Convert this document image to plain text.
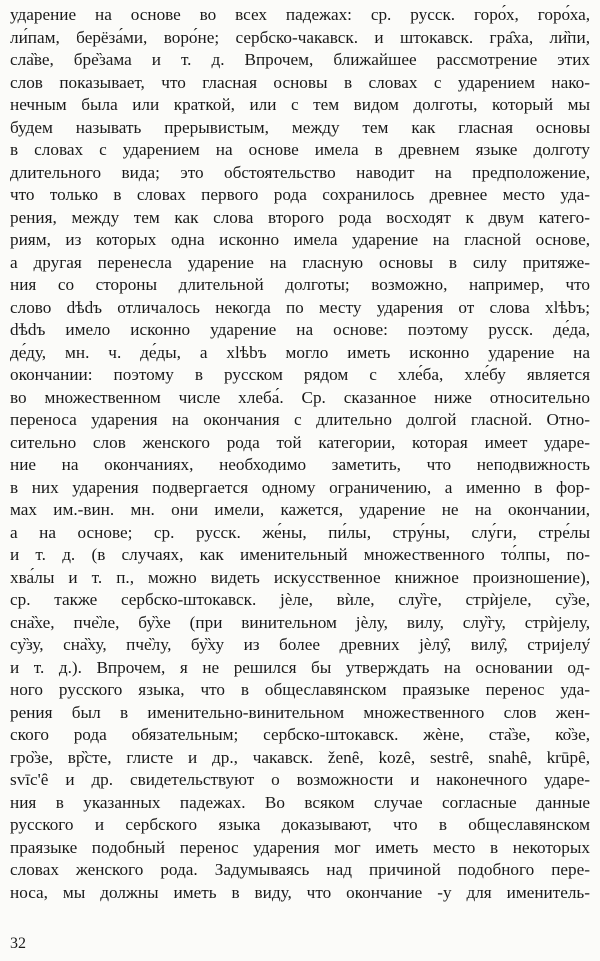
ударение на основе во всех падежах: ср. русск. горо́х, горо́ха,
ли́пам, берёза́ми, воро́не; сербско-чакавск. и штокавск. гра̑ха, ли̏пи,
сла̏ве, бре̏зама и т. д. Впрочем, ближайшее рассмотрение этих
слов показывает, что гласная основы в словах с ударением нако-
нечным была или краткой, или с тем видом долготы, который мы
будем называть прерывистым, между тем как гласная основы
в словах с ударением на основе имела в древнем языке долготу
длительного вида; это обстоятельство наводит на предположение,
что только в словах первого рода сохранилось древнее место уда-
рения, между тем как слова второго рода восходят к двум катего-
риям, из которых одна исконно имела ударение на гласной основе,
а другая перенесла ударение на гласную основы в силу притяже-
ния со стороны длительной долготы; возможно, например, что
слово dѣdъ отличалось некогда по месту ударения от слова хlѣbъ;
dѣdъ имело исконно ударение на основе: поэтому русск. де́да,
де́ду, мн. ч. де́ды, а хlѣbъ могло иметь исконно ударение на
окончании: поэтому в русском рядом с хле́ба, хле́бу является
во множественном числе хлеба́. Ср. сказанное ниже относительно
переноса ударения на окончания с длительно долгой гласной. Отно-
сительно слов женского рода той категории, которая имеет ударе-
ние на окончаниях, необходимо заметить, что неподвижность
в них ударения подвергается одному ограничению, а именно в фор-
мах им.-вин. мн. они имели, кажется, ударение не на окончании,
а на основе; ср. русск. же́ны, пи́лы, стру́ны, слу́ги, стре́лы
и т. д. (в случаях, как именительный множественного то́лпы, по-
хва́лы и т. п., можно видеть искусственное книжное произношение),
ср. также сербско-штокавск. jѐле, вѝле, слу̏ге, стрѝјеле, су̏зе,
сна̏хе, пче̏ле, бу̏хе (при винительном jѐлу, вилу, слу̏гу, стрѝјелу,
су̏зу, сна̏ху, пче̏лу, бу̏ху из более древних jѐлу̑, вилу̑, стријелу̑
и т. д.). Впрочем, я не решился бы утверждать на основании од-
ного русского языка, что в общеславянском праязыке перенос уда-
рения был в именительно-винительном множественного слов жен-
ского рода обязательным; сербско-штокавск. жѐне, ста̏зе, ко̏зе,
гро̏зе, вр̏сте, глисте и др., чакавск. ženȇ, kozȇ, sestrȇ, snahȇ, krūpȇ,
svīc'ȇ и др. свидетельствуют о возможности и наконечного ударе-
ния в указанных падежах. Во всяком случае согласные данные
русского и сербского языка доказывают, что в общеславянском
праязыке подобный перенос ударения мог иметь место в некоторых
словах женского рода. Задумываясь над причиной подобного пере-
носа, мы должны иметь в виду, что окончание -у для именитель-
32
